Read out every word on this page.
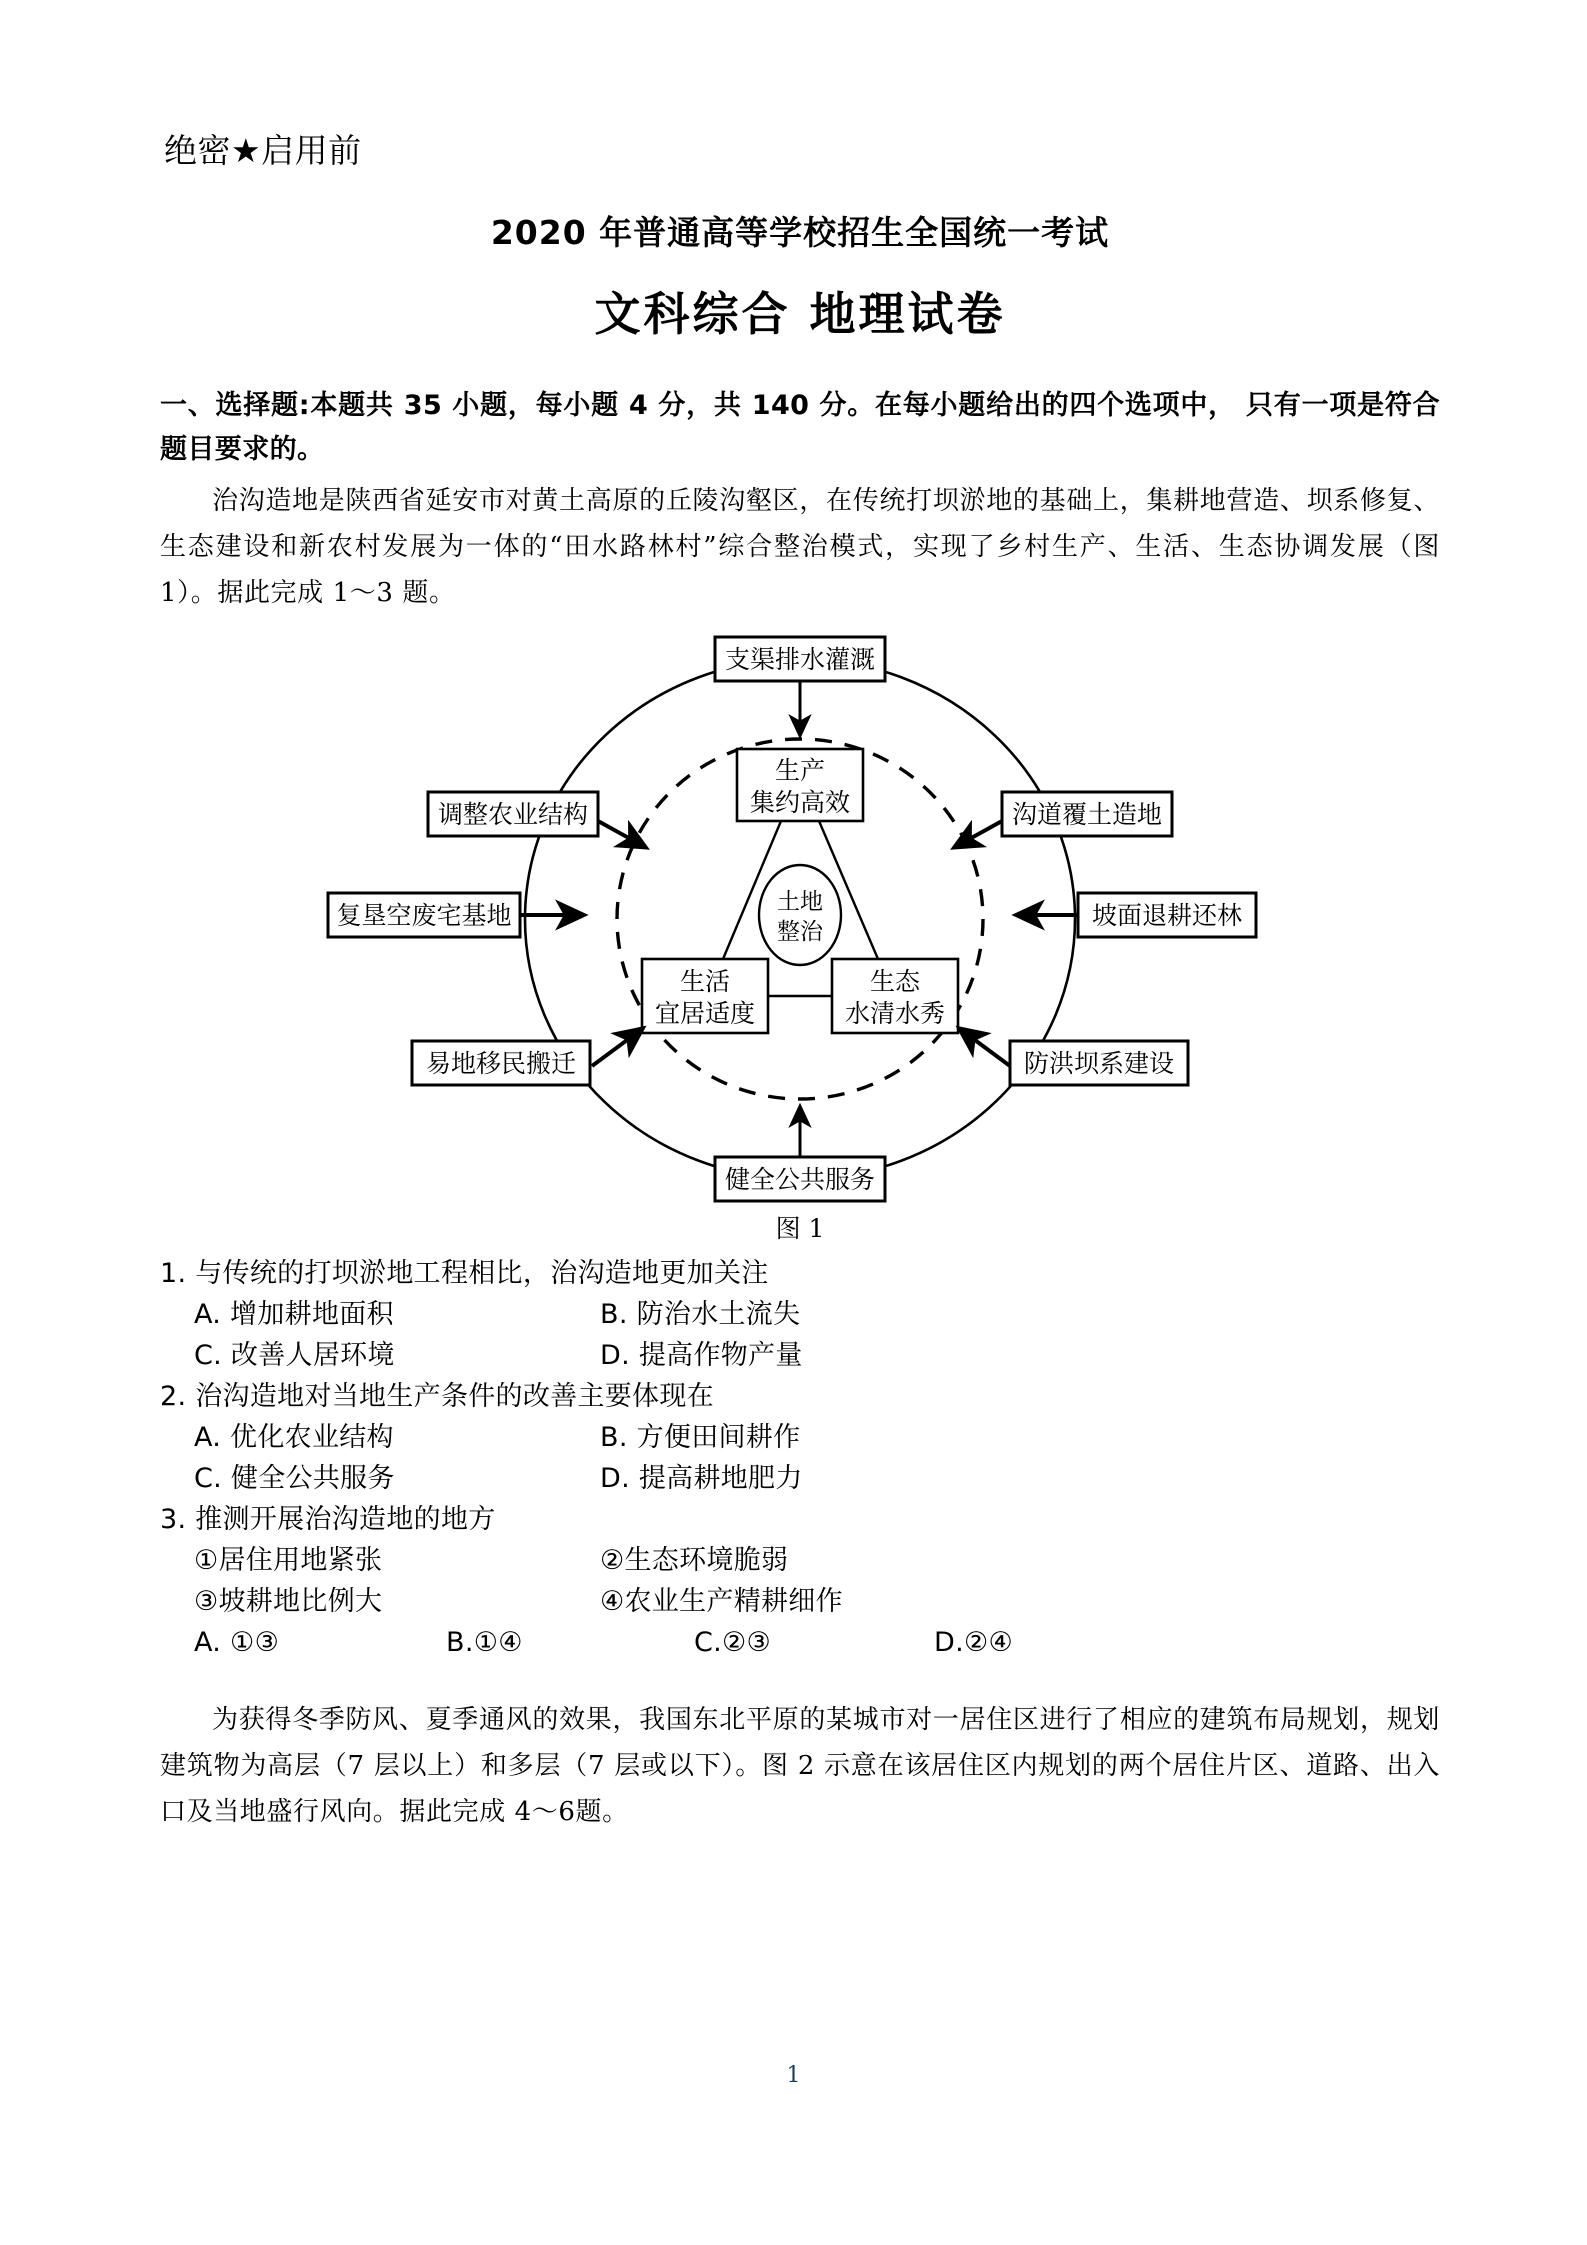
绝密★启用前
2020 年普通高等学校招生全国统一考试
文科综合 地理试卷
一、选择题:本题共 35 小题，每小题 4 分，共 140 分。在每小题给出的四个选项中， 只有一项是符合题目要求的。
治沟造地是陕西省延安市对黄土高原的丘陵沟壑区，在传统打坝淤地的基础上，集耕地营造、坝系修复、生态建设和新农村发展为一体的“田水路林村”综合整治模式，实现了乡村生产、生活、生态协调发展（图1）。据此完成 1～3 题。
土地
整治
生产
集约高效
生活
宜居适度
生态
水清水秀
支渠排水灌溉
调整农业结构	沟道覆土造地
复垦空废宅基地	坡面退耕还林
易地移民搬迁	防洪坝系建设
健全公共服务
图 1
1. 与传统的打坝淤地工程相比，治沟造地更加关注
A. 增加耕地面积	B. 防治水土流失
C. 改善人居环境	D. 提高作物产量
2. 治沟造地对当地生产条件的改善主要体现在
A. 优化农业结构	B. 方便田间耕作
C. 健全公共服务	D. 提高耕地肥力
3. 推测开展治沟造地的地方
①居住用地紧张	②生态环境脆弱
③坡耕地比例大	④农业生产精耕细作
A. ①③	B.①④	C.②③	D.②④
为获得冬季防风、夏季通风的效果，我国东北平原的某城市对一居住区进行了相应的建筑布局规划，规划建筑物为高层（7 层以上）和多层（7 层或以下）。图 2 示意在该居住区内规划的两个居住片区、道路、出入口及当地盛行风向。据此完成 4～6题。
1
